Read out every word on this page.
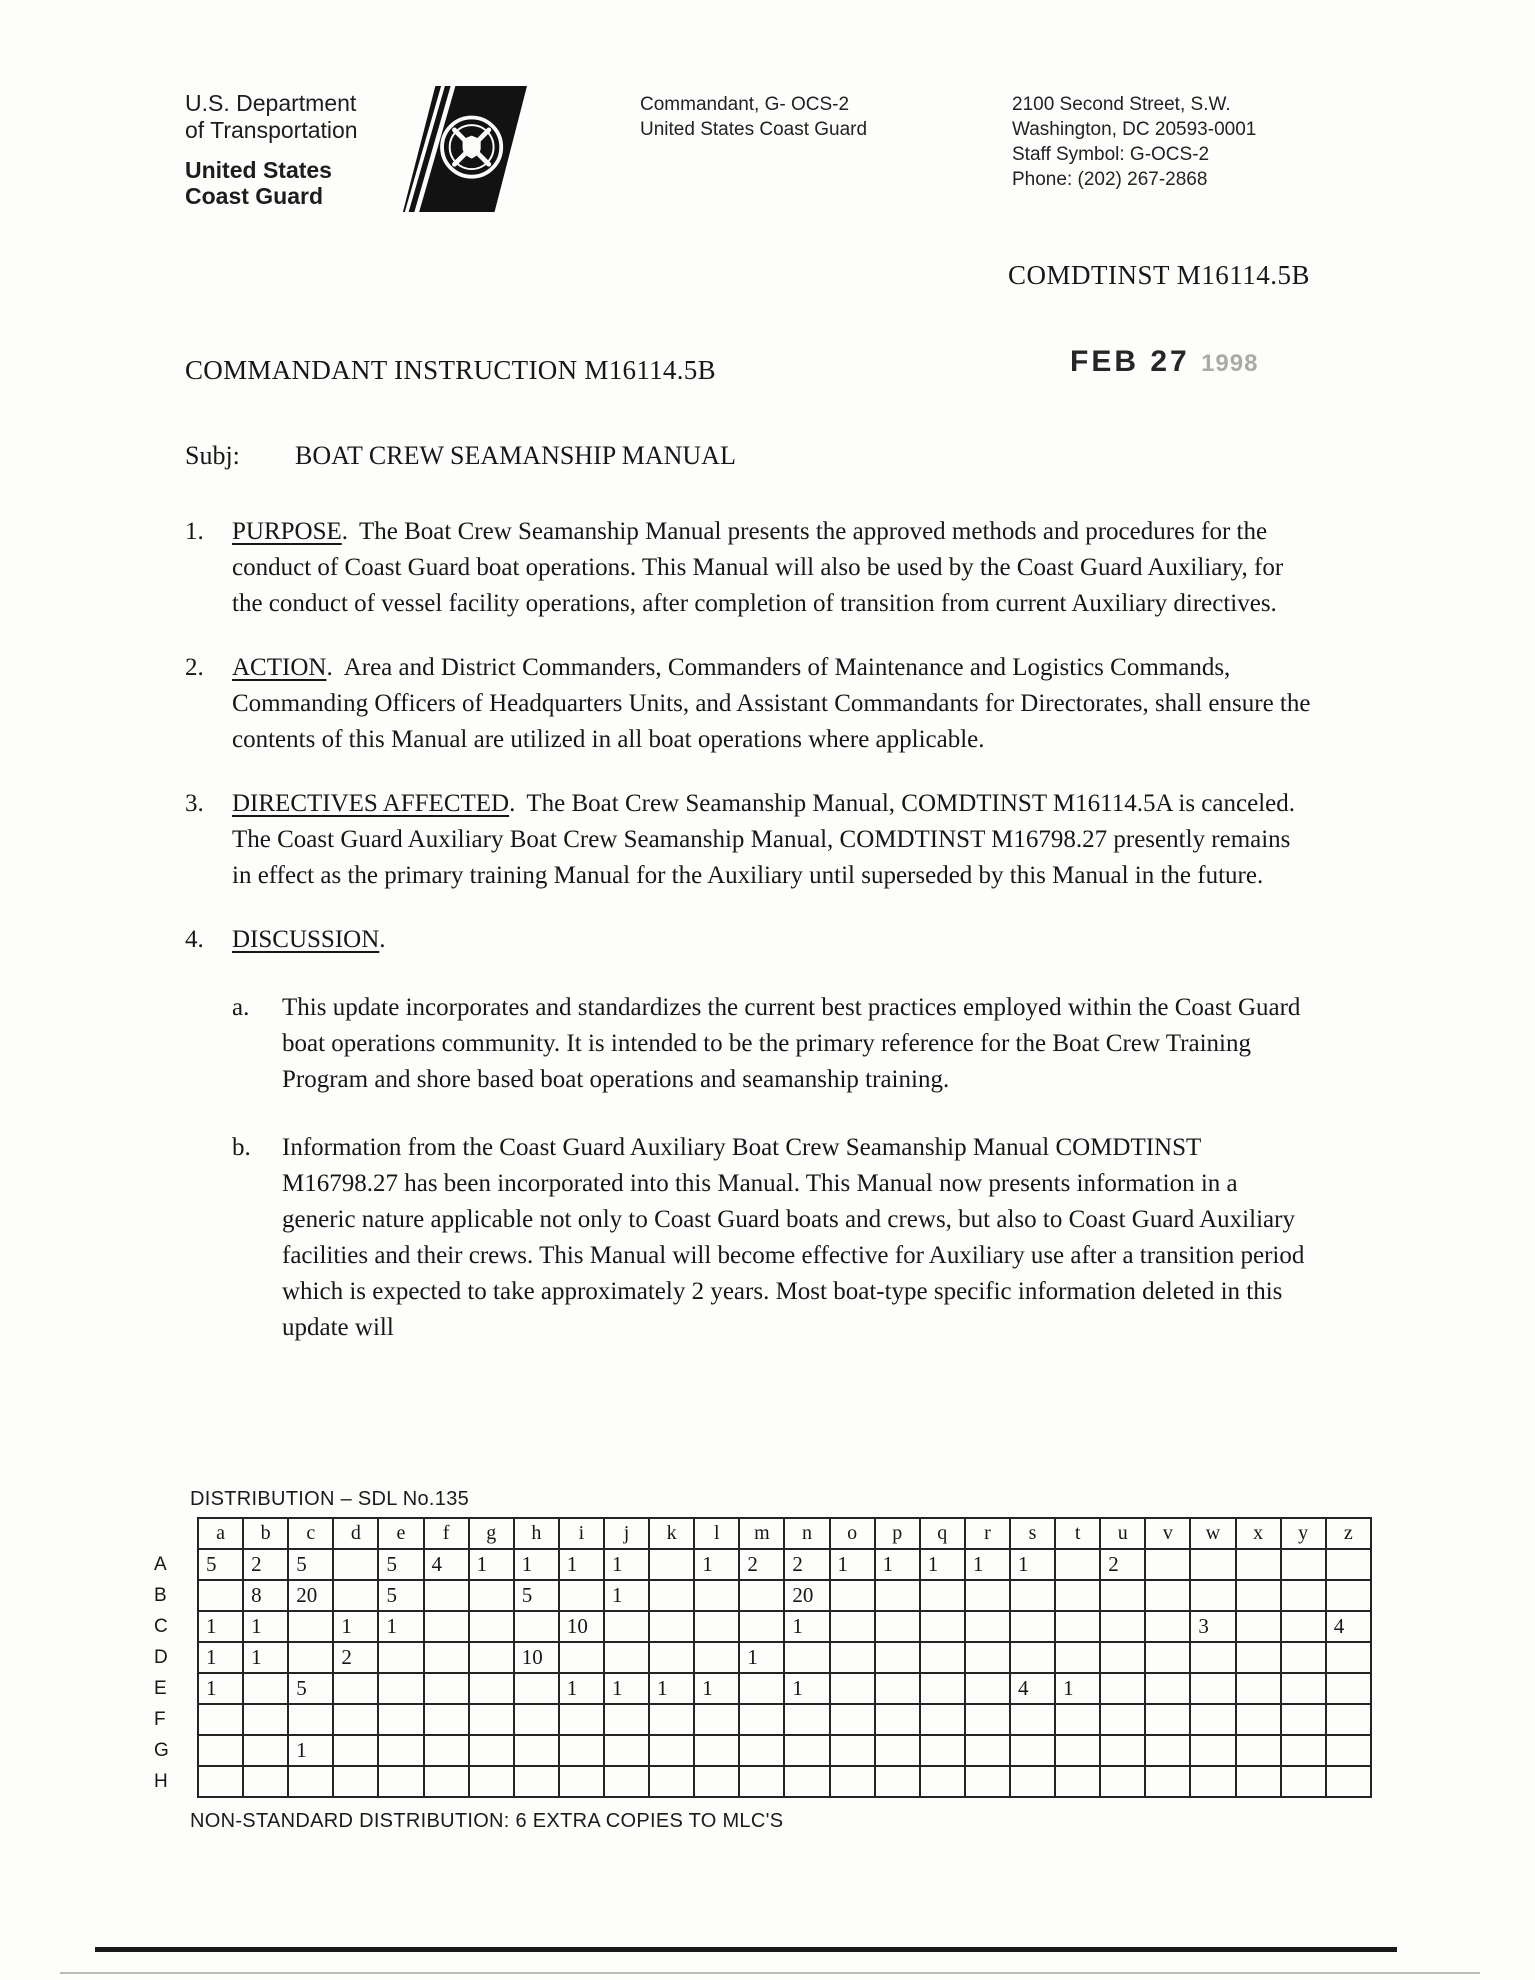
U.S. Department
of Transportation
United States
Coast Guard
Commandant, G- OCS-2
United States Coast Guard
2100 Second Street, S.W.
Washington, DC 20593-0001
Staff Symbol: G-OCS-2
Phone: (202) 267-2868
COMDTINST M16114.5B
COMMANDANT INSTRUCTION M16114.5B	FEB 27 1998
Subj:	BOAT CREW SEAMANSHIP MANUAL
1.	PURPOSE. The Boat Crew Seamanship Manual presents the approved methods and procedures for the conduct of Coast Guard boat operations. This Manual will also be used by the Coast Guard Auxiliary, for the conduct of vessel facility operations, after completion of transition from current Auxiliary directives.
2.	ACTION. Area and District Commanders, Commanders of Maintenance and Logistics Commands, Commanding Officers of Headquarters Units, and Assistant Commandants for Directorates, shall ensure the contents of this Manual are utilized in all boat operations where applicable.
3.	DIRECTIVES AFFECTED. The Boat Crew Seamanship Manual, COMDTINST M16114.5A is canceled. The Coast Guard Auxiliary Boat Crew Seamanship Manual, COMDTINST M16798.27 presently remains in effect as the primary training Manual for the Auxiliary until superseded by this Manual in the future.
4.	DISCUSSION.
a.	This update incorporates and standardizes the current best practices employed within the Coast Guard boat operations community. It is intended to be the primary reference for the Boat Crew Training Program and shore based boat operations and seamanship training.
b.	Information from the Coast Guard Auxiliary Boat Crew Seamanship Manual COMDTINST M16798.27 has been incorporated into this Manual. This Manual now presents information in a generic nature applicable not only to Coast Guard boats and crews, but also to Coast Guard Auxiliary facilities and their crews. This Manual will become effective for Auxiliary use after a transition period which is expected to take approximately 2 years. Most boat-type specific information deleted in this update will
DISTRIBUTION – SDL No.135
	a	b	c	d	e	f	g	h	i	j	k	l	m	n	o	p	q	r	s	t	u	v	w	x	y	z
A	5	2	5		5	4	1	1	1	1		1	2	2	1	1	1	1	1		2					
B		8	20		5			5		1				20												
C	1	1		1	1				10					1									3			4
D	1	1		2				10					1													
E	1		5						1	1	1	1		1					4	1						
F																										
G			1																							
H																										
NON-STANDARD DISTRIBUTION: 6 EXTRA COPIES TO MLC'S
